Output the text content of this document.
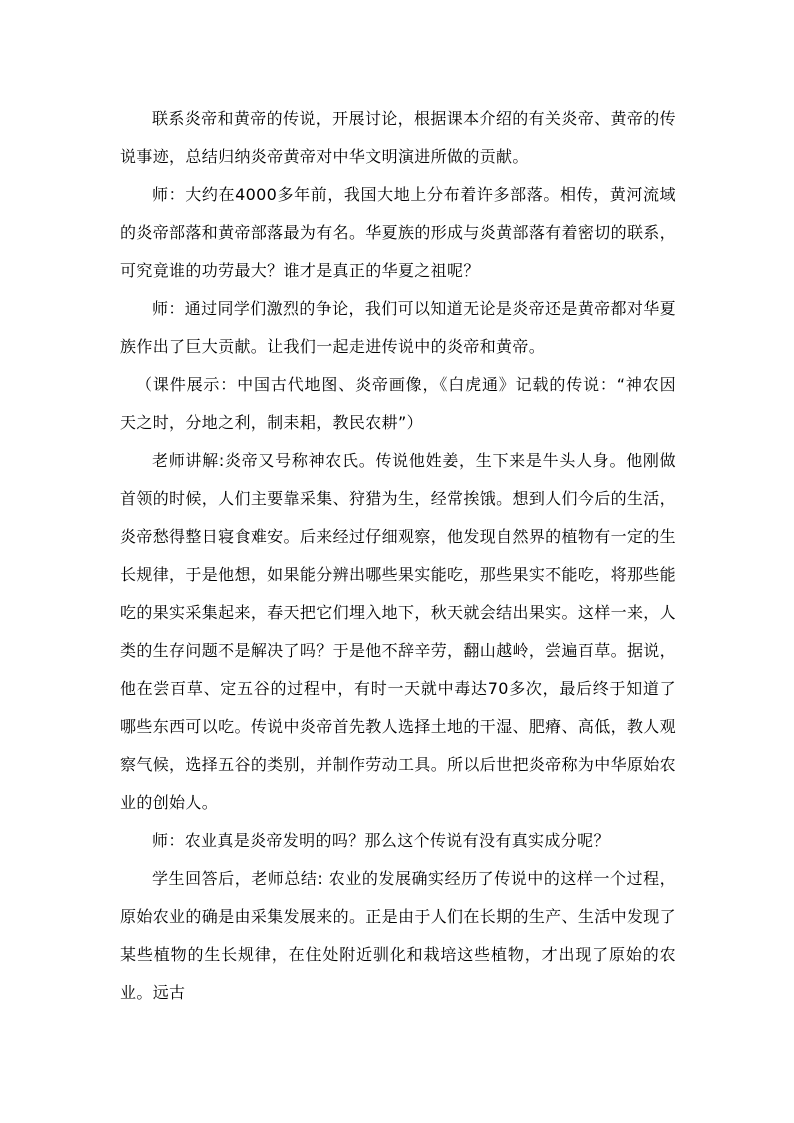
联系炎帝和黄帝的传说，开展讨论，根据课本介绍的有关炎帝、黄帝的传说事迹，总结归纳炎帝黄帝对中华文明演进所做的贡献。

师：大约在4000多年前，我国大地上分布着许多部落。相传，黄河流域的炎帝部落和黄帝部落最为有名。华夏族的形成与炎黄部落有着密切的联系，可究竟谁的功劳最大？谁才是真正的华夏之祖呢？

师：通过同学们激烈的争论，我们可以知道无论是炎帝还是黄帝都对华夏族作出了巨大贡献。让我们一起走进传说中的炎帝和黄帝。

（课件展示：中国古代地图、炎帝画像，《白虎通》记载的传说：“神农因天之时，分地之利，制耒耜，教民农耕”）

老师讲解:炎帝又号称神农氏。传说他姓姜，生下来是牛头人身。他刚做首领的时候，人们主要靠采集、狩猎为生，经常挨饿。想到人们今后的生活，炎帝愁得整日寝食难安。后来经过仔细观察，他发现自然界的植物有一定的生长规律，于是他想，如果能分辨出哪些果实能吃，那些果实不能吃，将那些能吃的果实采集起来，春天把它们埋入地下，秋天就会结出果实。这样一来，人类的生存问题不是解决了吗？于是他不辞辛劳，翻山越岭，尝遍百草。据说，他在尝百草、定五谷的过程中，有时一天就中毒达70多次，最后终于知道了哪些东西可以吃。传说中炎帝首先教人选择土地的干湿、肥瘠、高低，教人观察气候，选择五谷的类别，并制作劳动工具。所以后世把炎帝称为中华原始农业的创始人。

师：农业真是炎帝发明的吗？那么这个传说有没有真实成分呢？

学生回答后，老师总结: 农业的发展确实经历了传说中的这样一个过程，原始农业的确是由采集发展来的。正是由于人们在长期的生产、生活中发现了某些植物的生长规律，在住处附近驯化和栽培这些植物，才出现了原始的农业。远古
